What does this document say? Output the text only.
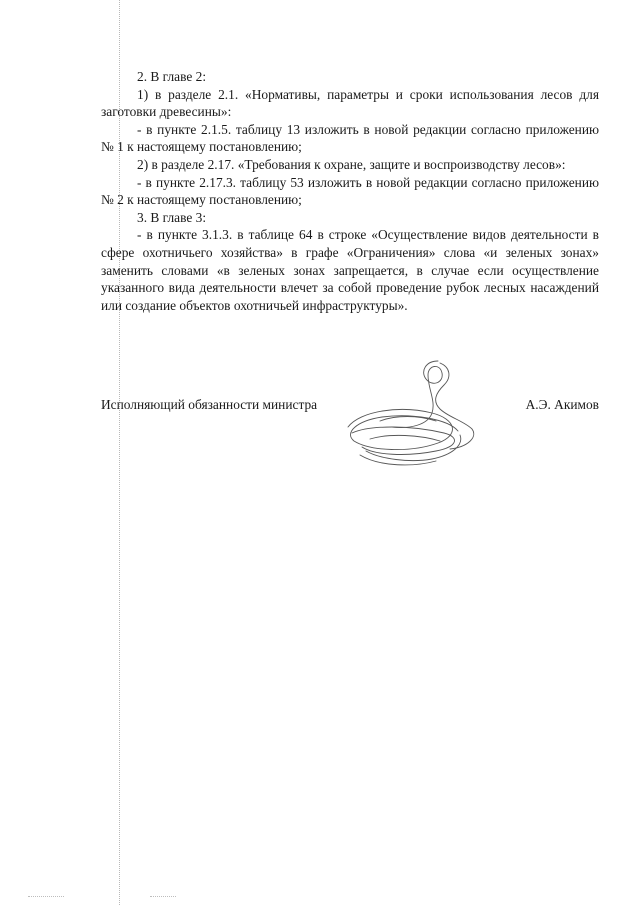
2. В главе 2:
1) в разделе 2.1. «Нормативы, параметры и сроки использования лесов для заготовки древесины»:
- в пункте 2.1.5. таблицу 13 изложить в новой редакции согласно приложению № 1 к настоящему постановлению;
2) в разделе 2.17. «Требования к охране, защите и воспроизводству лесов»:
- в пункте 2.17.3. таблицу 53 изложить в новой редакции согласно приложению № 2 к настоящему постановлению;
3. В главе 3:
- в пункте 3.1.3. в таблице 64 в строке «Осуществление видов деятельности в сфере охотничьего хозяйства» в графе «Ограничения» слова «и зеленых зонах» заменить словами «в зеленых зонах запрещается, в случае если осуществление указанного вида деятельности влечет за собой проведение рубок лесных насаждений или создание объектов охотничьей инфраструктуры».
Исполняющий обязанности министра	А.Э. Акимов
